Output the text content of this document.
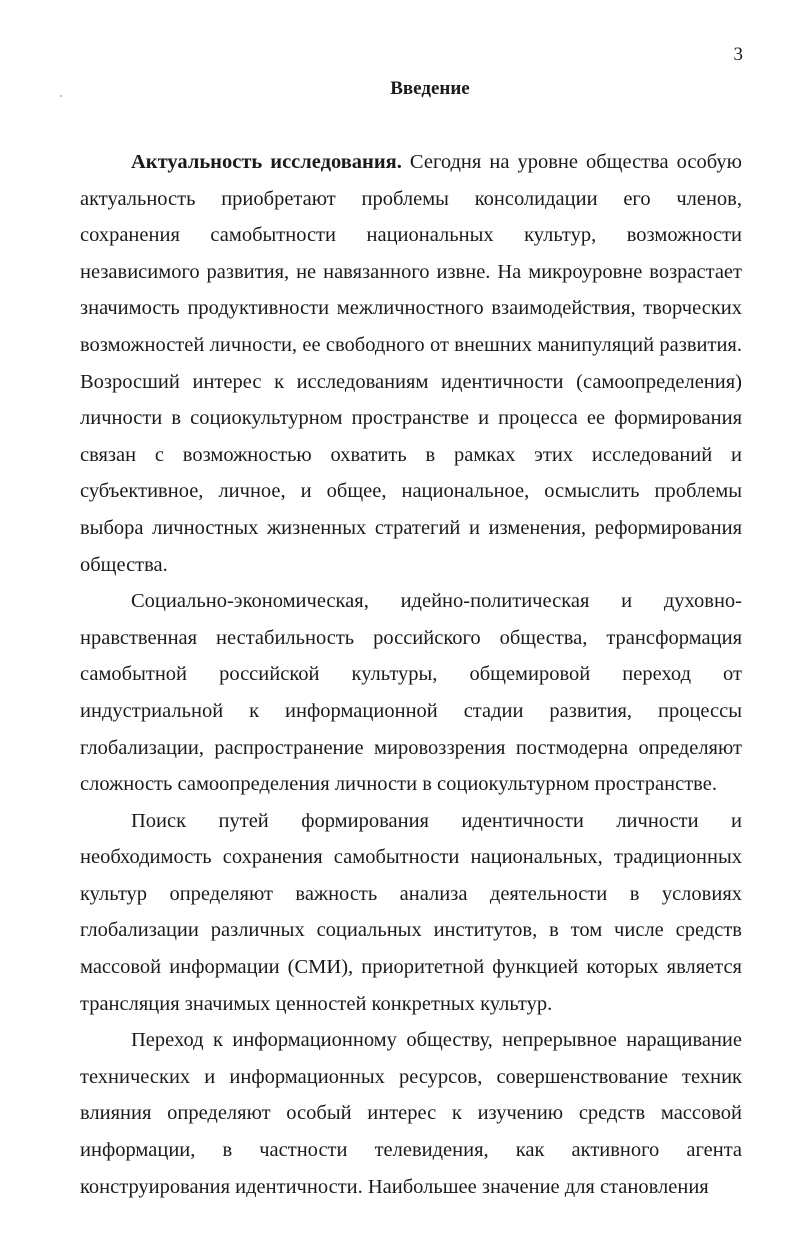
3
Введение

Актуальность исследования. Сегодня на уровне общества особую актуальность приобретают проблемы консолидации его членов, сохранения самобытности национальных культур, возможности независимого развития, не навязанного извне. На микроуровне возрастает значимость продуктивности межличностного взаимодействия, творческих возможностей личности, ее свободного от внешних манипуляций развития. Возросший интерес к исследованиям идентичности (самоопределения) личности в социокультурном пространстве и процесса ее формирования связан с возможностью охватить в рамках этих исследований и субъективное, личное, и общее, национальное, осмыслить проблемы выбора личностных жизненных стратегий и изменения, реформирования общества.

Социально-экономическая, идейно-политическая и духовно-нравственная нестабильность российского общества, трансформация самобытной российской культуры, общемировой переход от индустриальной к информационной стадии развития, процессы глобализации, распространение мировоззрения постмодерна определяют сложность самоопределения личности в социокультурном пространстве.

Поиск путей формирования идентичности личности и необходимость сохранения самобытности национальных, традиционных культур определяют важность анализа деятельности в условиях глобализации различных социальных институтов, в том числе средств массовой информации (СМИ), приоритетной функцией которых является трансляция значимых ценностей конкретных культур.

Переход к информационному обществу, непрерывное наращивание технических и информационных ресурсов, совершенствование техник влияния определяют особый интерес к изучению средств массовой информации, в частности телевидения, как активного агента конструирования идентичности. Наибольшее значение для становления
